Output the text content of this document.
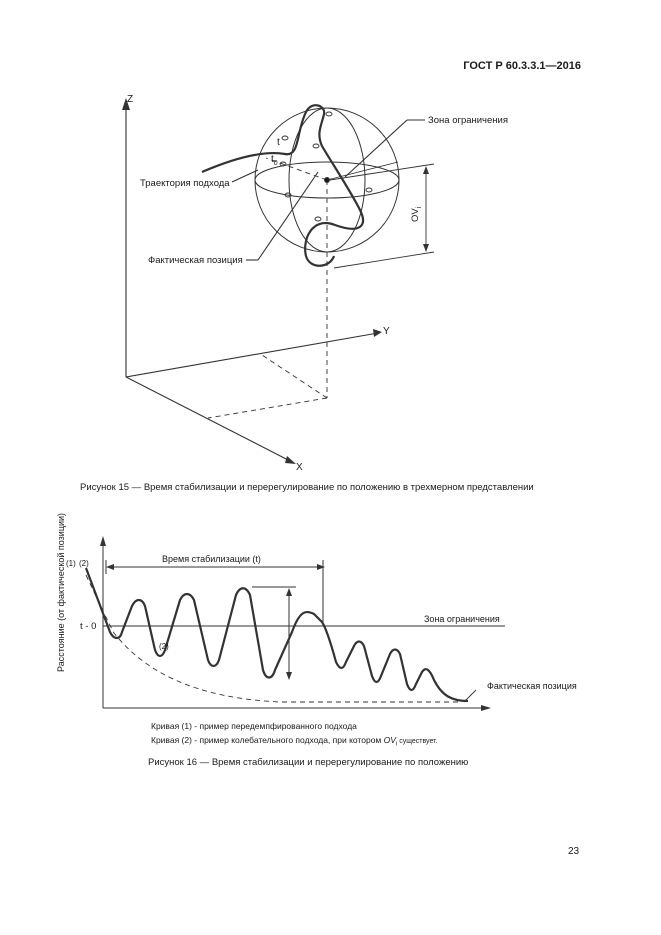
ГОСТ Р 60.3.3.1—2016
Z
Y
X
Зона ограничения
Траектория подхода
Фактическая позиция
t
$t_0$
$OV_i$
Рисунок 15 — Время стабилизации и перерегулирование по положению в трехмерном представлении
Расстояние (от фактической позиции) t - 0
(1) (2)
(2)
Время стабилизации (t)
Зона ограничения
Фактическая позиция
Кривая (1) - пример передемпфированного подхода
Кривая (2) - пример колебательного подхода, при котором $OV_i$ существует.
Рисунок 16 — Время стабилизации и перерегулирование по положению
23
